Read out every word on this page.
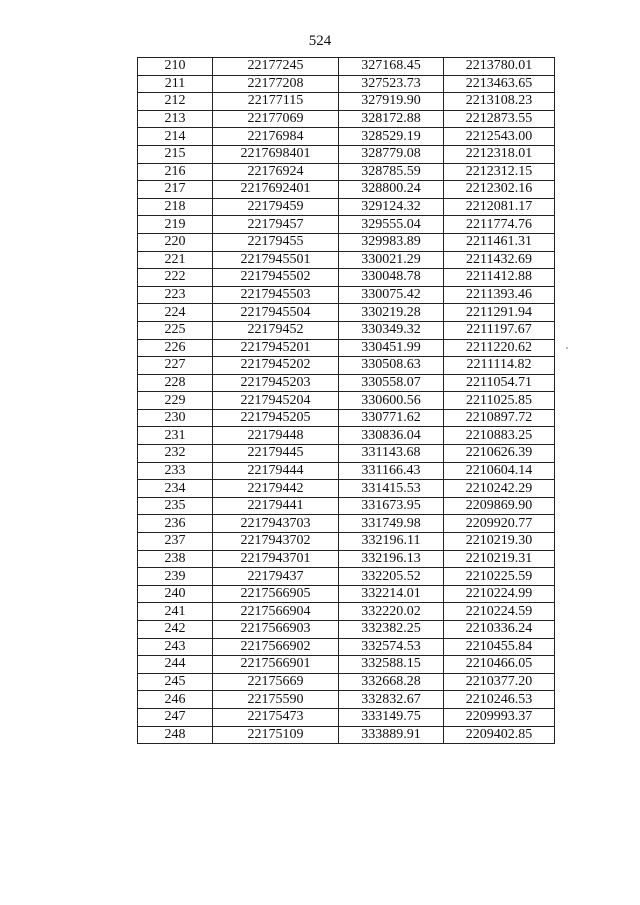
524
210	22177245	327168.45	2213780.01
211	22177208	327523.73	2213463.65
212	22177115	327919.90	2213108.23
213	22177069	328172.88	2212873.55
214	22176984	328529.19	2212543.00
215	2217698401	328779.08	2212318.01
216	22176924	328785.59	2212312.15
217	2217692401	328800.24	2212302.16
218	22179459	329124.32	2212081.17
219	22179457	329555.04	2211774.76
220	22179455	329983.89	2211461.31
221	2217945501	330021.29	2211432.69
222	2217945502	330048.78	2211412.88
223	2217945503	330075.42	2211393.46
224	2217945504	330219.28	2211291.94
225	22179452	330349.32	2211197.67
226	2217945201	330451.99	2211220.62
227	2217945202	330508.63	2211114.82
228	2217945203	330558.07	2211054.71
229	2217945204	330600.56	2211025.85
230	2217945205	330771.62	2210897.72
231	22179448	330836.04	2210883.25
232	22179445	331143.68	2210626.39
233	22179444	331166.43	2210604.14
234	22179442	331415.53	2210242.29
235	22179441	331673.95	2209869.90
236	2217943703	331749.98	2209920.77
237	2217943702	332196.11	2210219.30
238	2217943701	332196.13	2210219.31
239	22179437	332205.52	2210225.59
240	2217566905	332214.01	2210224.99
241	2217566904	332220.02	2210224.59
242	2217566903	332382.25	2210336.24
243	2217566902	332574.53	2210455.84
244	2217566901	332588.15	2210466.05
245	22175669	332668.28	2210377.20
246	22175590	332832.67	2210246.53
247	22175473	333149.75	2209993.37
248	22175109	333889.91	2209402.85
